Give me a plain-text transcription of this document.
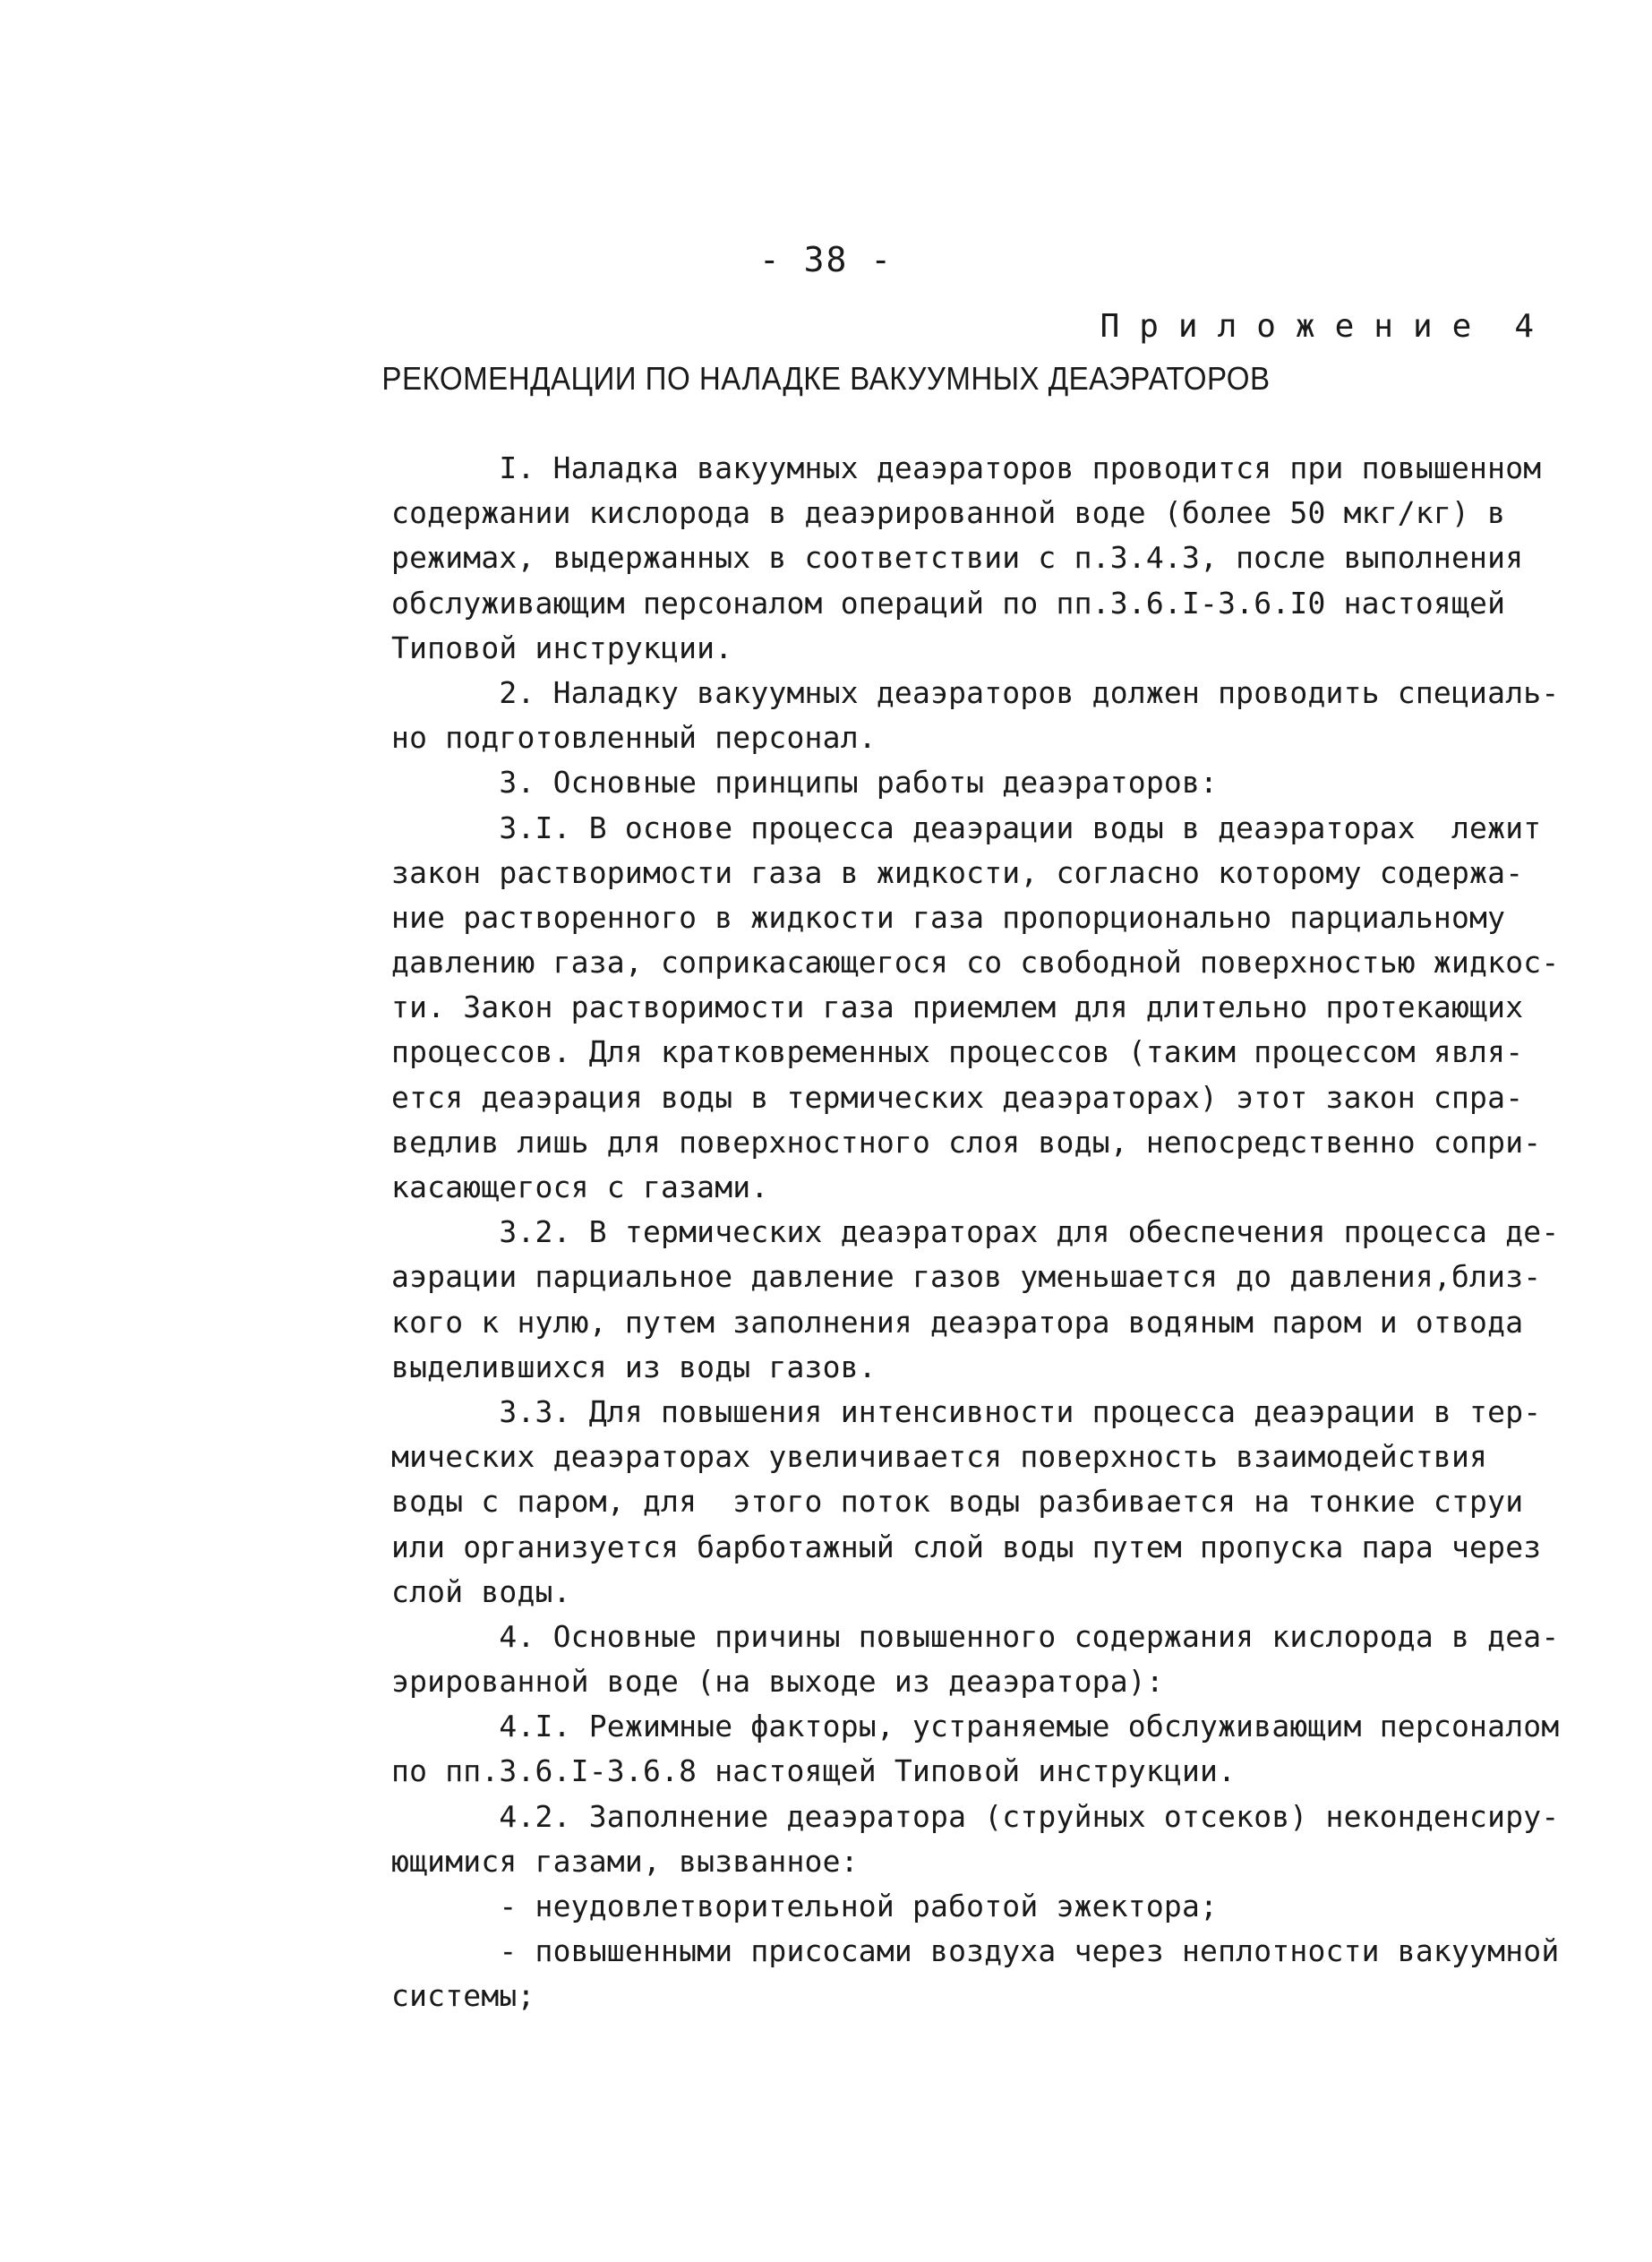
- 38 -
Приложение 4
РЕКОМЕНДАЦИИ ПО НАЛАДКЕ ВАКУУМНЫХ ДЕАЭРАТОРОВ
I. Наладка вакуумных деаэраторов проводится при повышенном
содержании кислорода в деаэрированной воде (более 50 мкг/кг) в
режимах, выдержанных в соответствии с п.3.4.3, после выполнения
обслуживающим персоналом операций по пп.3.6.I-3.6.I0 настоящей
Типовой инструкции.
2. Наладку вакуумных деаэраторов должен проводить специаль-
но подготовленный персонал.
3. Основные принципы работы деаэраторов:
3.I. В основе процесса деаэрации воды в деаэраторах  лежит
закон растворимости газа в жидкости, согласно которому содержа-
ние растворенного в жидкости газа пропорционально парциальному
давлению газа, соприкасающегося со свободной поверхностью жидкос-
ти. Закон растворимости газа приемлем для длительно протекающих
процессов. Для кратковременных процессов (таким процессом явля-
ется деаэрация воды в термических деаэраторах) этот закон спра-
ведлив лишь для поверхностного слоя воды, непосредственно сопри-
касающегося с газами.
3.2. В термических деаэраторах для обеспечения процесса де-
аэрации парциальное давление газов уменьшается до давления,близ-
кого к нулю, путем заполнения деаэратора водяным паром и отвода
выделившихся из воды газов.
3.3. Для повышения интенсивности процесса деаэрации в тер-
мических деаэраторах увеличивается поверхность взаимодействия
воды с паром, для  этого поток воды разбивается на тонкие струи
или организуется барботажный слой воды путем пропуска пара через
слой воды.
4. Основные причины повышенного содержания кислорода в деа-
эрированной воде (на выходе из деаэратора):
4.I. Режимные факторы, устраняемые обслуживающим персоналом
по пп.3.6.I-3.6.8 настоящей Типовой инструкции.
4.2. Заполнение деаэратора (струйных отсеков) неконденсиру-
ющимися газами, вызванное:
- неудовлетворительной работой эжектора;
- повышенными присосами воздуха через неплотности вакуумной
системы;
